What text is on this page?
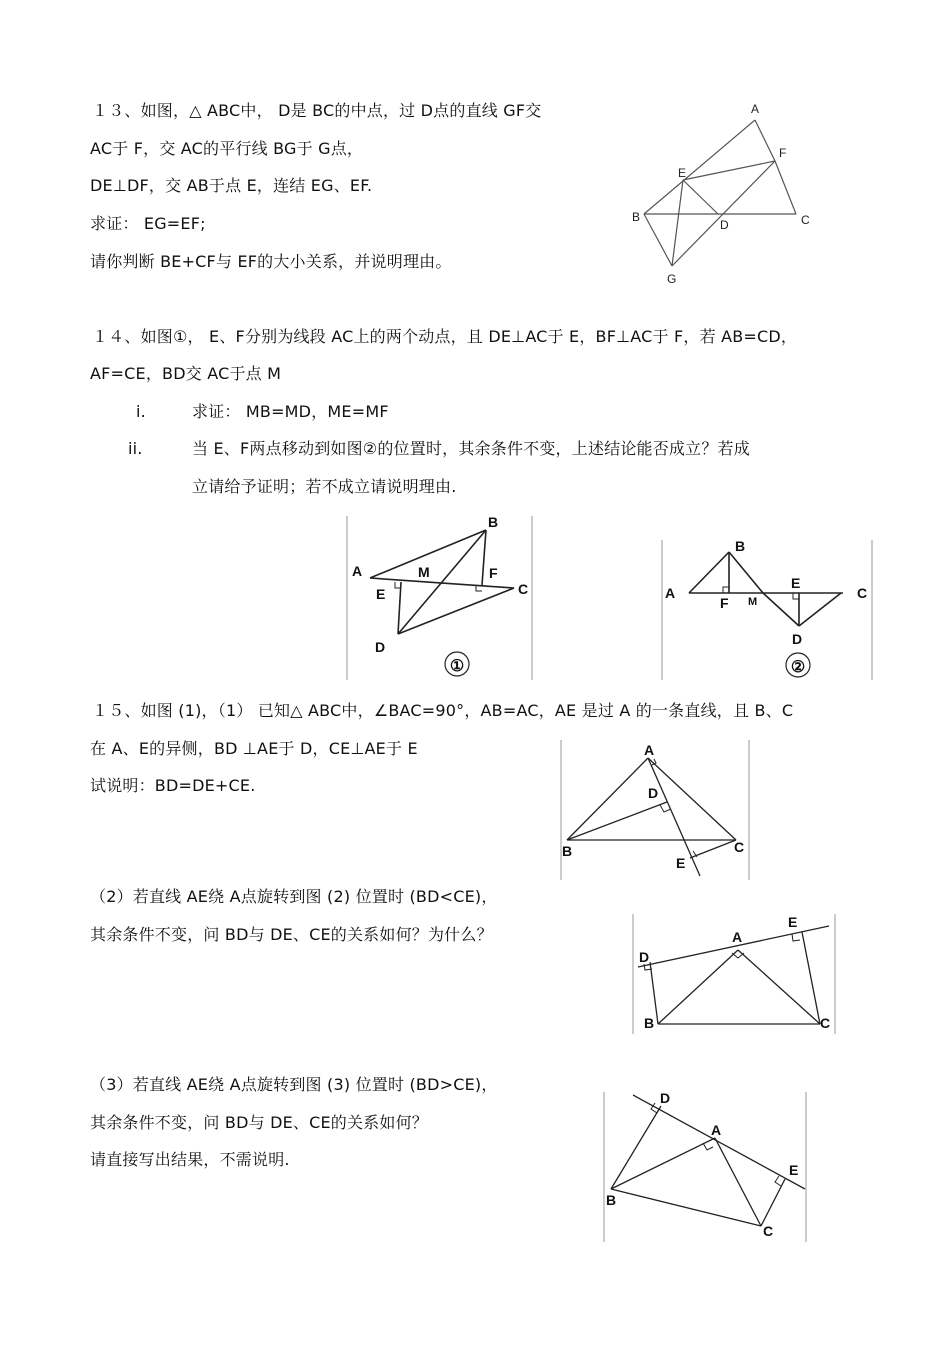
１３、如图，△ ABC中， D是 BC的中点，过 D点的直线 GF交
AC于 F，交 AC的平行线 BG于 G点，
DE⊥DF，交 AB于点 E，连结 EG、EF.
求证： EG=EF;
请你判断 BE+CF与 EF的大小关系，并说明理由。
A
F
E
B
D	C
G
１４、如图①， E、F分别为线段 AC上的两个动点，且 DE⊥AC于 E，BF⊥AC于 F，若 AB=CD，
AF=CE，BD交 AC于点 M
i.	求证： MB=MD，ME=MF
ii.	当 E、F两点移动到如图②的位置时，其余条件不变，上述结论能否成立？若成
立请给予证明；若不成立请说明理由.
B
A	M	F
C
E
D
①
B
A
F M
E
C
D
②
１５、如图 (1)，（1） 已知△ ABC中，∠BAC=90°，AB=AC，AE 是过 A 的一条直线，且 B、C
在 A、E的异侧，BD ⊥AE于 D，CE⊥AE于 E
试说明：BD=DE+CE.
A
D
B	C
E
（2）若直线 AE绕 A点旋转到图 (2) 位置时 (BD<CE)，
其余条件不变，问 BD与 DE、CE的关系如何？为什么？
E
A
D
B	C
（3）若直线 AE绕 A点旋转到图 (3) 位置时 (BD>CE)，
其余条件不变，问 BD与 DE、CE的关系如何？
请直接写出结果，不需说明.
D
A
E
B
C
